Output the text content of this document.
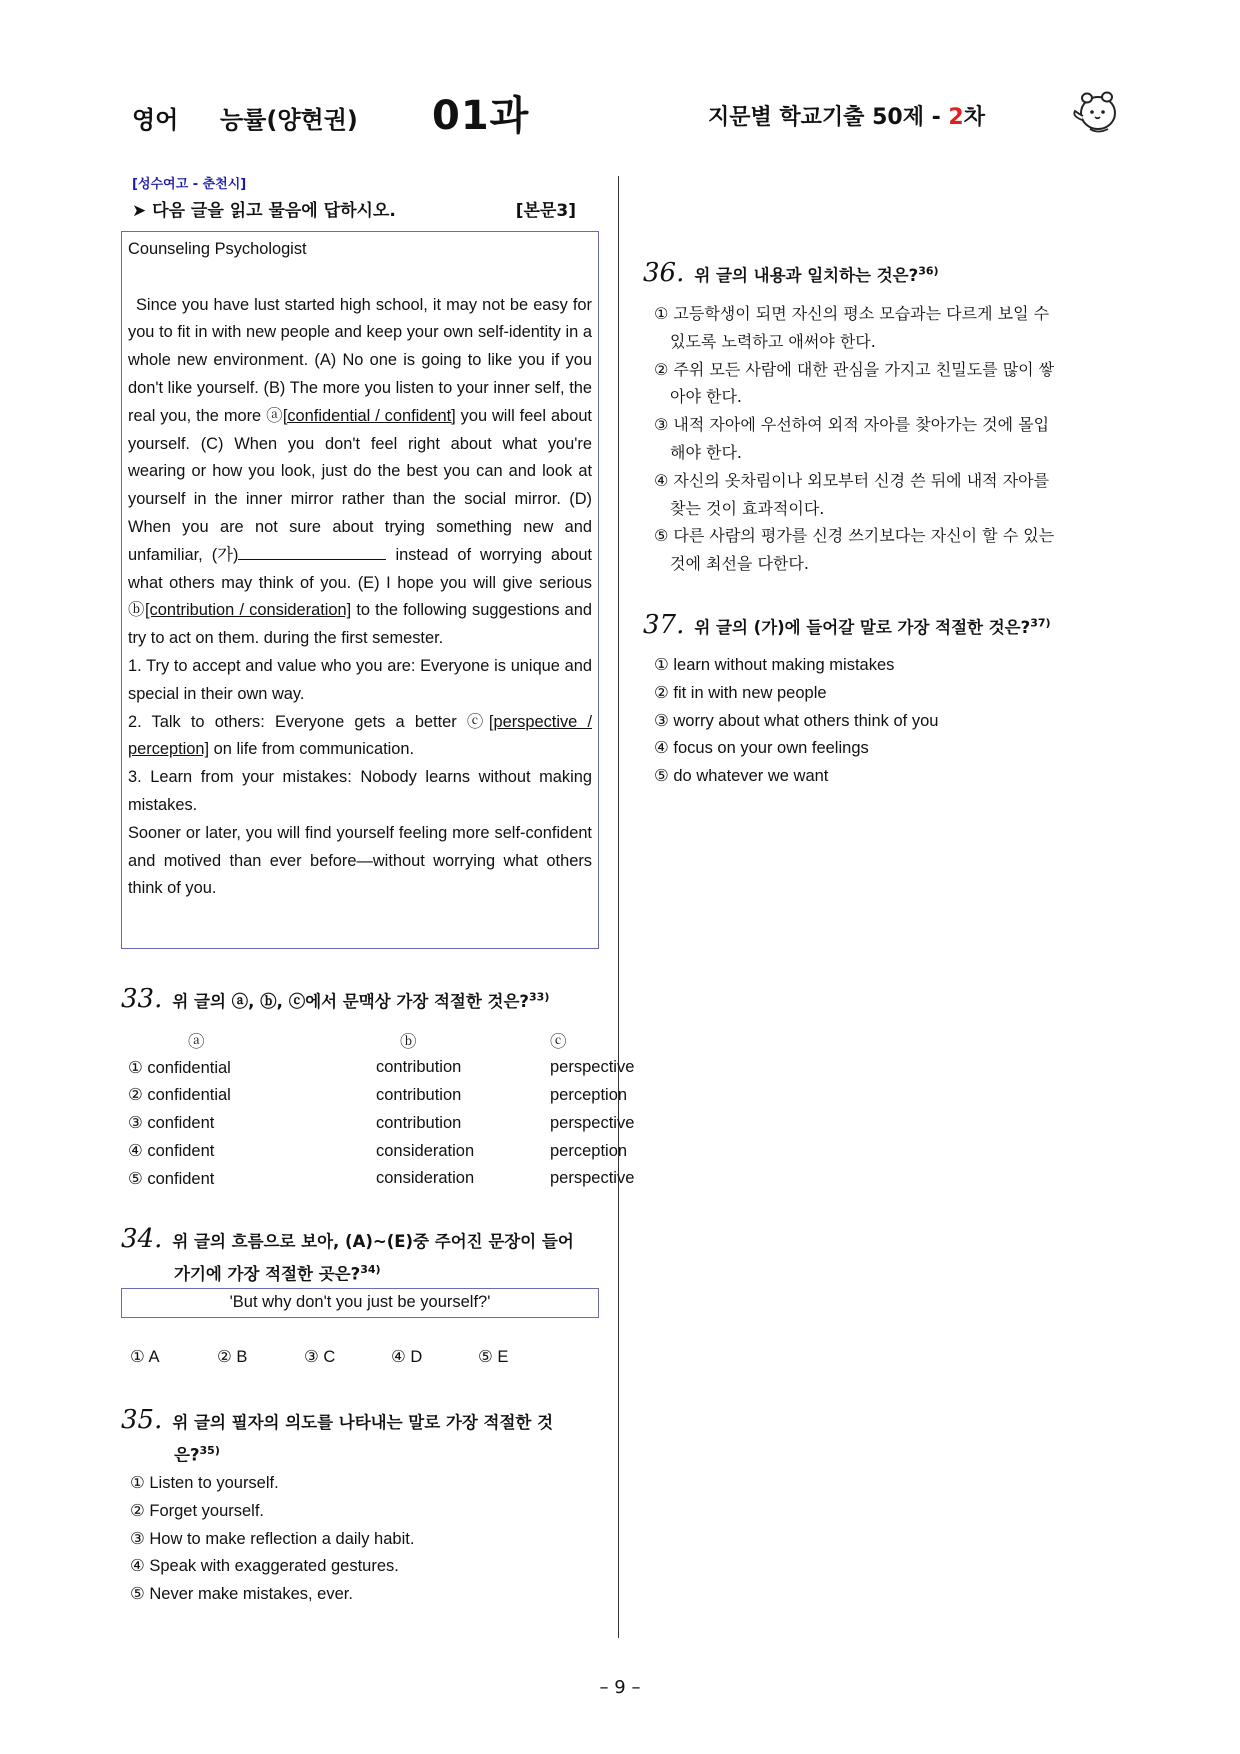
영어 능률(양현권) 01과	지문별 학교기출 50제 - 2차
[성수여고 - 춘천시]
➤ 다음 글을 읽고 물음에 답하시오.	[본문3]

Counseling Psychologist

Since you have lust started high school, it may not be easy for you to fit in with new people and keep your own self-identity in a whole new environment. (A) No one is going to like you if you don't like yourself. (B) The more you listen to your inner self, the real you, the more ⓐ[confidential / confident] you will feel about yourself. (C) When you don't feel right about what you're wearing or how you look, just do the best you can and look at yourself in the inner mirror rather than the social mirror. (D) When you are not sure about trying something new and unfamiliar, (가)	instead of worrying about what others may think of you. (E) I hope you will give serious ⓑ[contribution / consideration] to the following suggestions and try to act on them. during the first semester.

1. Try to accept and value who you are: Everyone is unique and special in their own way.

2. Talk to others: Everyone gets a better ⓒ[perspective / perception] on life from communication.

3. Learn from your mistakes: Nobody learns without making mistakes.

Sooner or later, you will find yourself feeling more self-confident and motived than ever before—without worrying what others think of you.

33. 위 글의 ⓐ, ⓑ, ⓒ에서 문맥상 가장 적절한 것은?$^{33)}$
ⓐ	ⓑ	ⓒ
① confidential	contribution	perspective
② confidential	contribution	perception
③ confident	contribution	perspective
④ confident	consideration	perception
⑤ confident	consideration	perspective
34. 위 글의 흐름으로 보아, (A)~(E)중 주어진 문장이 들어
가기에 가장 적절한 곳은?$^{34)}$
'But why don't you just be yourself?'
① A	② B	③ C	④ D	⑤ E
35. 위 글의 필자의 의도를 나타내는 말로 가장 적절한 것
은?$^{35)}$
① Listen to yourself.
② Forget yourself.
③ How to make reflection a daily habit.
④ Speak with exaggerated gestures.
⑤ Never make mistakes, ever.
36. 위 글의 내용과 일치하는 것은?$^{36)}$
① 고등학생이 되면 자신의 평소 모습과는 다르게 보일 수
있도록 노력하고 애써야 한다.
② 주위 모든 사람에 대한 관심을 가지고 친밀도를 많이 쌓
아야 한다.
③ 내적 자아에 우선하여 외적 자아를 찾아가는 것에 몰입
해야 한다.
④ 자신의 옷차림이나 외모부터 신경 쓴 뒤에 내적 자아를
찾는 것이 효과적이다.
⑤ 다른 사람의 평가를 신경 쓰기보다는 자신이 할 수 있는
것에 최선을 다한다.
37. 위 글의 (가)에 들어갈 말로 가장 적절한 것은?$^{37)}$
① learn without making mistakes
② fit in with new people
③ worry about what others think of you
④ focus on your own feelings
⑤ do whatever we want
– 9 –
